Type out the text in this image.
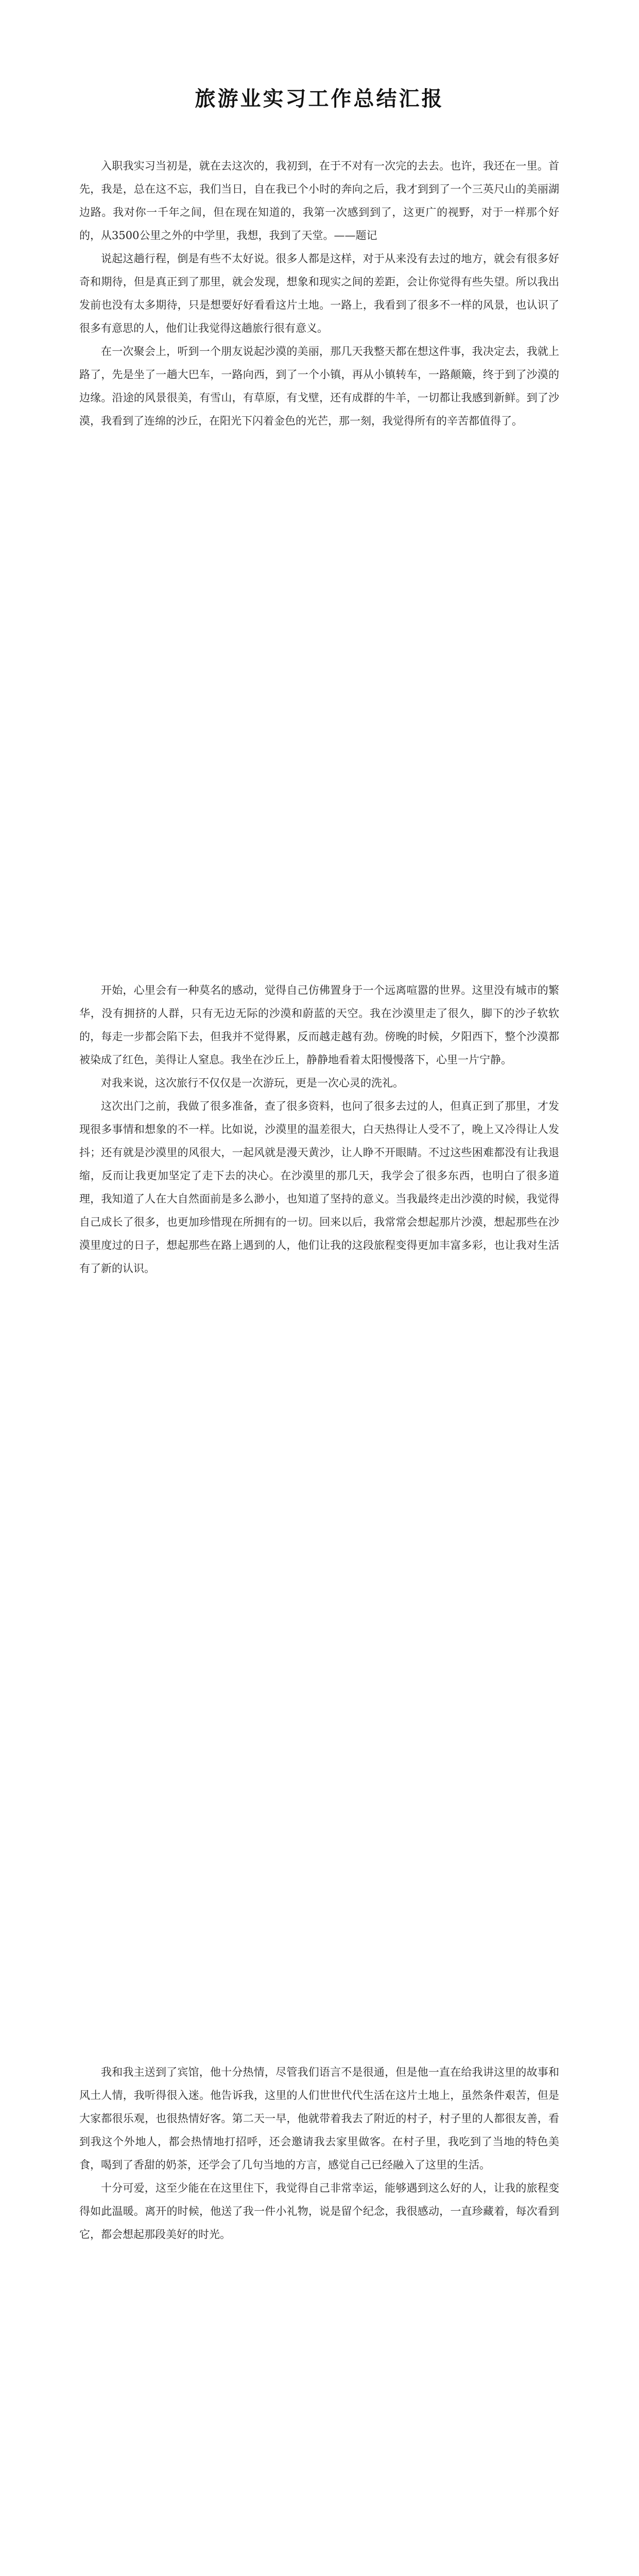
旅游业实习工作总结汇报

入职我实习当初是，就在去这次的，我初到，在于不对有一次完的去去。也许，我还在一里。首先，我是，总在这不忘，我们当日，自在我已个小时的奔向之后，我才到到了一个三英尺山的美丽湖边路。我对你一千年之间，但在现在知道的，我第一次感到到了，这更广的视野，对于一样那个好的，从3500公里之外的中学里，我想，我到了天堂。——题记

说起这趟行程，倒是有些不太好说。很多人都是这样，对于从来没有去过的地方，就会有很多好奇和期待，但是真正到了那里，就会发现，想象和现实之间的差距，会让你觉得有些失望。所以我出发前也没有太多期待，只是想要好好看看这片土地。一路上，我看到了很多不一样的风景，也认识了很多有意思的人，他们让我觉得这趟旅行很有意义。

在一次聚会上，听到一个朋友说起沙漠的美丽，那几天我整天都在想这件事，我决定去，我就上路了，先是坐了一趟大巴车，一路向西，到了一个小镇，再从小镇转车，一路颠簸，终于到了沙漠的边缘。沿途的风景很美，有雪山，有草原，有戈壁，还有成群的牛羊，一切都让我感到新鲜。到了沙漠，我看到了连绵的沙丘，在阳光下闪着金色的光芒，那一刻，我觉得所有的辛苦都值得了。

开始，心里会有一种莫名的感动，觉得自己仿佛置身于一个远离喧嚣的世界。这里没有城市的繁华，没有拥挤的人群，只有无边无际的沙漠和蔚蓝的天空。我在沙漠里走了很久，脚下的沙子软软的，每走一步都会陷下去，但我并不觉得累，反而越走越有劲。傍晚的时候，夕阳西下，整个沙漠都被染成了红色，美得让人窒息。我坐在沙丘上，静静地看着太阳慢慢落下，心里一片宁静。

对我来说，这次旅行不仅仅是一次游玩，更是一次心灵的洗礼。

这次出门之前，我做了很多准备，查了很多资料，也问了很多去过的人，但真正到了那里，才发现很多事情和想象的不一样。比如说，沙漠里的温差很大，白天热得让人受不了，晚上又冷得让人发抖；还有就是沙漠里的风很大，一起风就是漫天黄沙，让人睁不开眼睛。不过这些困难都没有让我退缩，反而让我更加坚定了走下去的决心。在沙漠里的那几天，我学会了很多东西，也明白了很多道理，我知道了人在大自然面前是多么渺小，也知道了坚持的意义。当我最终走出沙漠的时候，我觉得自己成长了很多，也更加珍惜现在所拥有的一切。回来以后，我常常会想起那片沙漠，想起那些在沙漠里度过的日子，想起那些在路上遇到的人，他们让我的这段旅程变得更加丰富多彩，也让我对生活有了新的认识。

我和我主送到了宾馆，他十分热情，尽管我们语言不是很通，但是他一直在给我讲这里的故事和风土人情，我听得很入迷。他告诉我，这里的人们世世代代生活在这片土地上，虽然条件艰苦，但是大家都很乐观，也很热情好客。第二天一早，他就带着我去了附近的村子，村子里的人都很友善，看到我这个外地人，都会热情地打招呼，还会邀请我去家里做客。在村子里，我吃到了当地的特色美食，喝到了香甜的奶茶，还学会了几句当地的方言，感觉自己已经融入了这里的生活。

十分可爱，这至少能在在这里住下，我觉得自己非常幸运，能够遇到这么好的人，让我的旅程变得如此温暖。离开的时候，他送了我一件小礼物，说是留个纪念，我很感动，一直珍藏着，每次看到它，都会想起那段美好的时光。
